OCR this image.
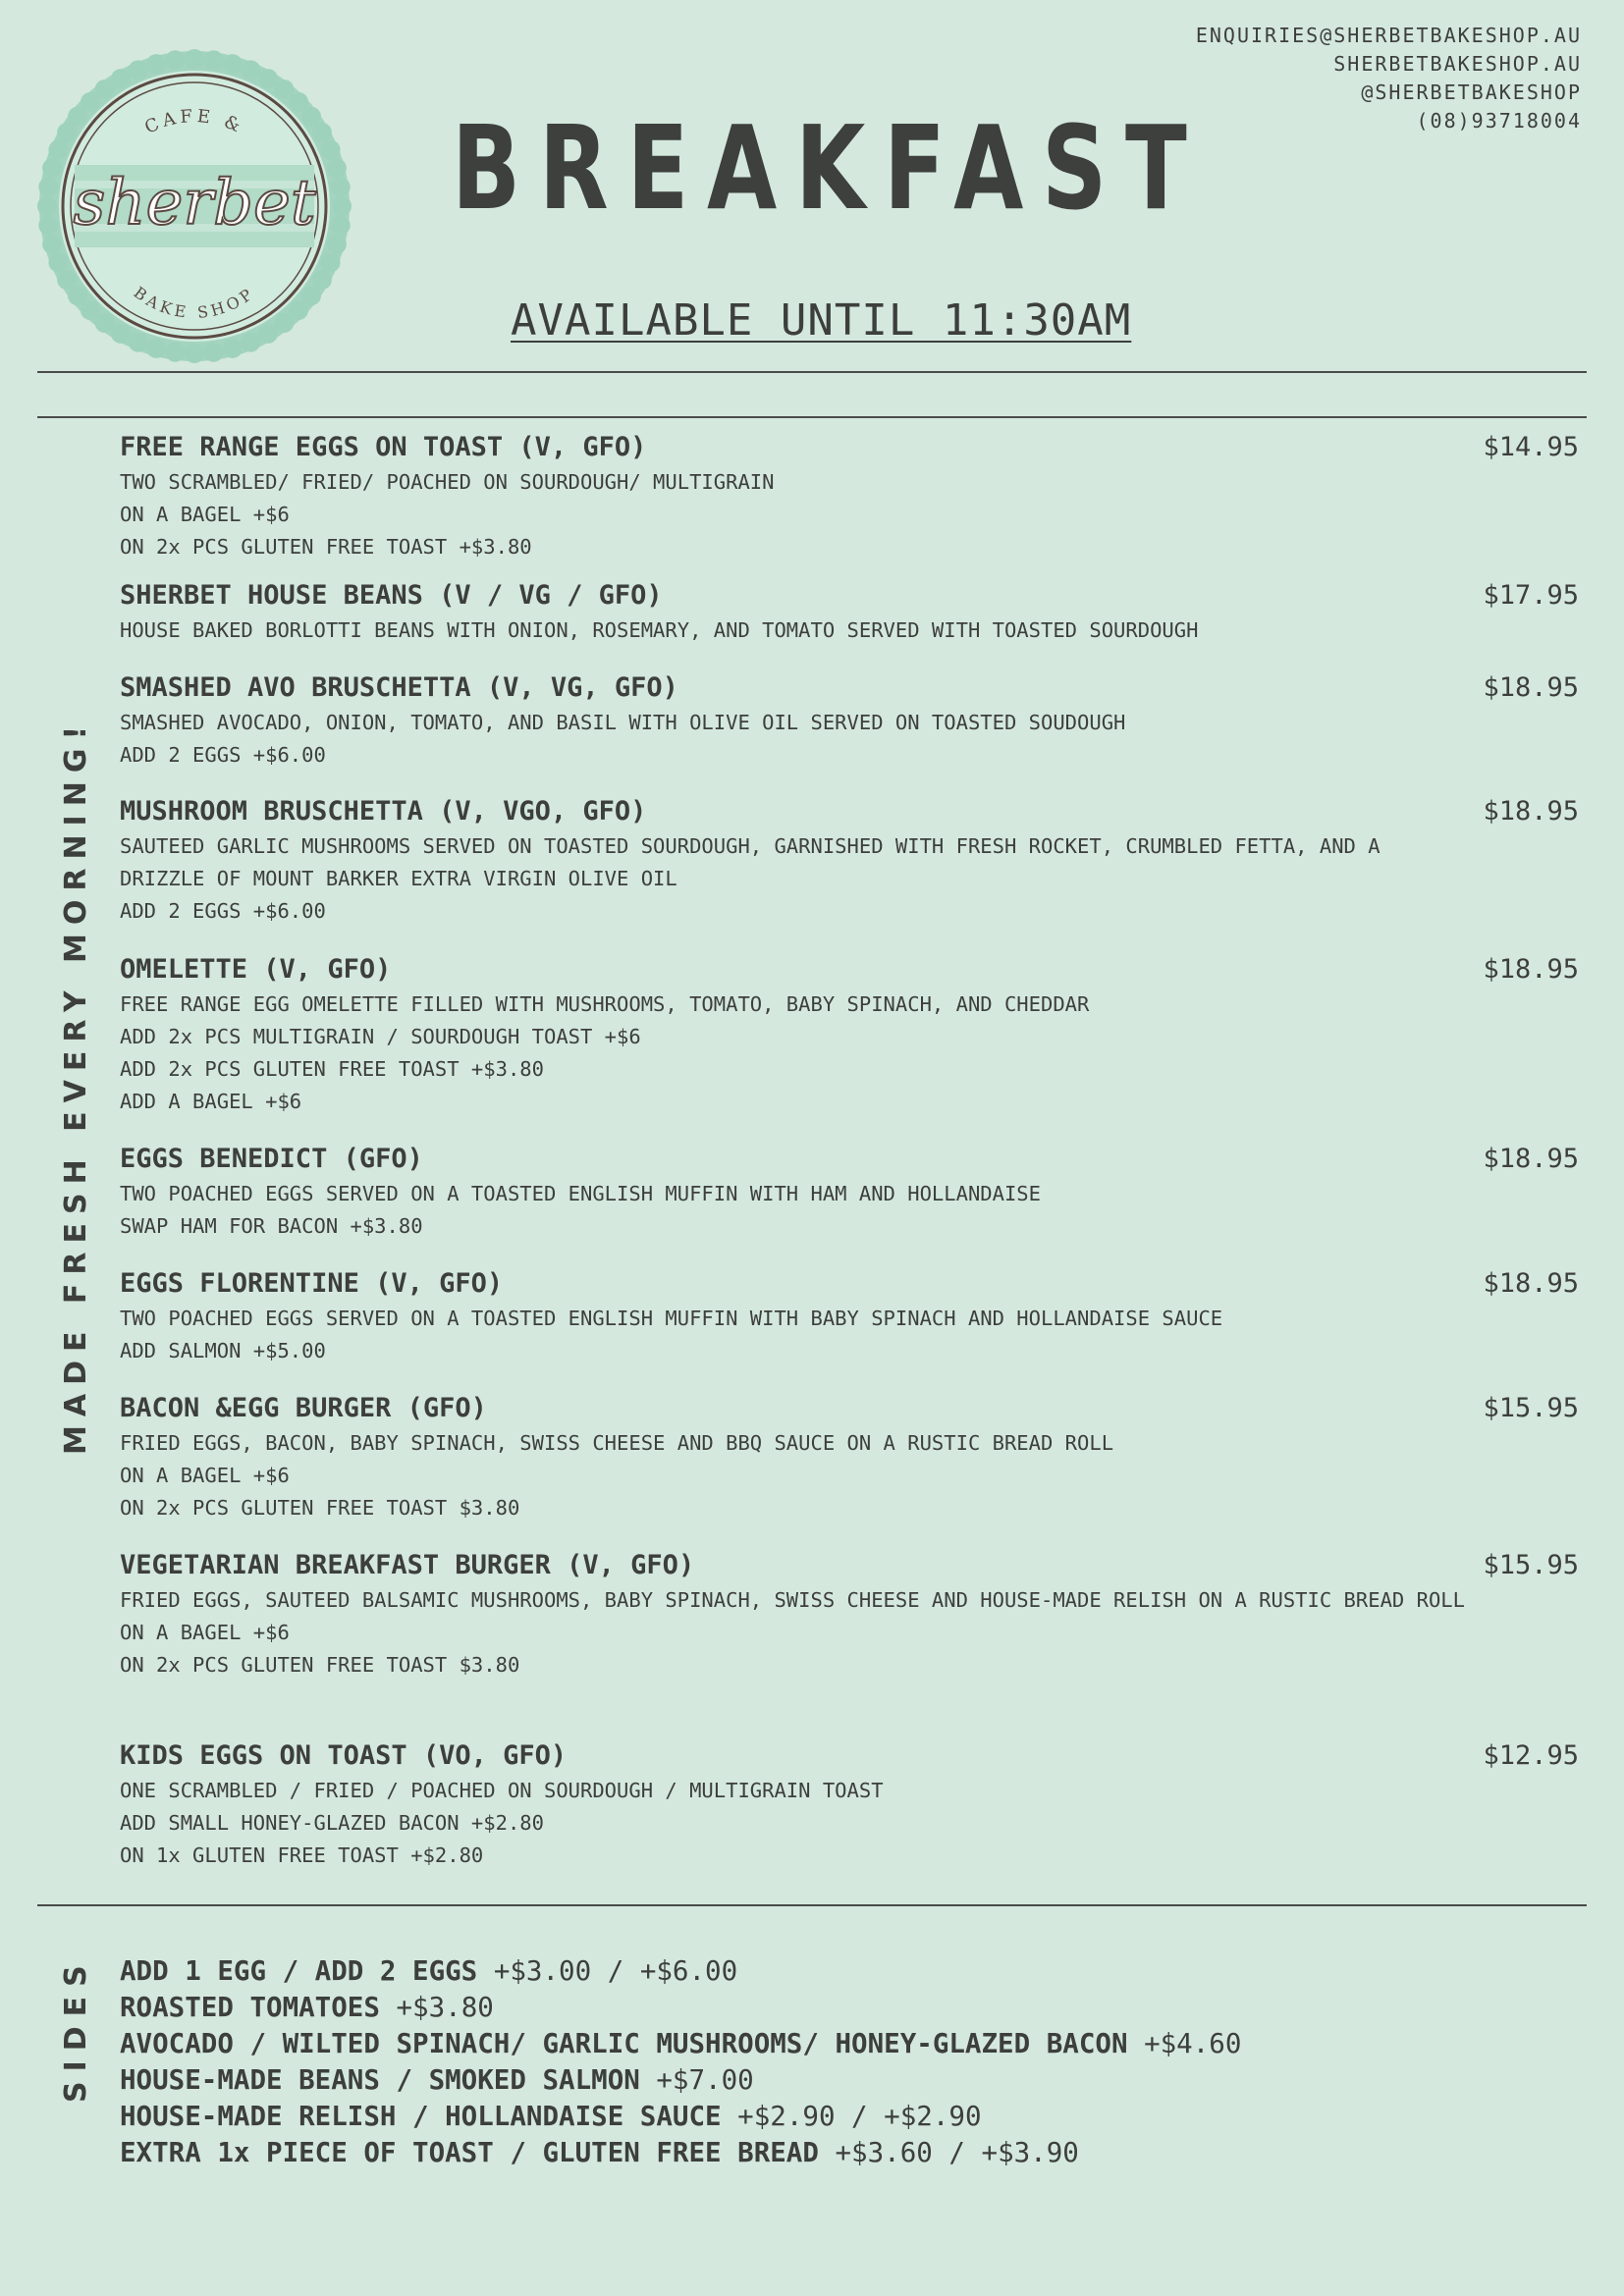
CAFE &
sherbet
BAKE SHOP
ENQUIRIES@SHERBETBAKESHOP.AU
SHERBETBAKESHOP.AU
@SHERBETBAKESHOP
(08)93718004
BREAKFAST
AVAILABLE UNTIL 11:30AM
MADE FRESH EVERY MORNING!
FREE RANGE EGGS ON TOAST (V, GFO)	$14.95
TWO SCRAMBLED/ FRIED/ POACHED ON SOURDOUGH/ MULTIGRAIN
ON A BAGEL +$6
ON 2x PCS GLUTEN FREE TOAST +$3.80
SHERBET HOUSE BEANS (V / VG / GFO)	$17.95
HOUSE BAKED BORLOTTI BEANS WITH ONION, ROSEMARY, AND TOMATO SERVED WITH TOASTED SOURDOUGH
SMASHED AVO BRUSCHETTA (V, VG, GFO)	$18.95
SMASHED AVOCADO, ONION, TOMATO, AND BASIL WITH OLIVE OIL SERVED ON TOASTED SOUDOUGH
ADD 2 EGGS +$6.00
MUSHROOM BRUSCHETTA (V, VGO, GFO)	$18.95
SAUTEED GARLIC MUSHROOMS SERVED ON TOASTED SOURDOUGH, GARNISHED WITH FRESH ROCKET, CRUMBLED FETTA, AND A DRIZZLE OF MOUNT BARKER EXTRA VIRGIN OLIVE OIL
ADD 2 EGGS +$6.00
OMELETTE (V, GFO)	$18.95
FREE RANGE EGG OMELETTE FILLED WITH MUSHROOMS, TOMATO, BABY SPINACH, AND CHEDDAR
ADD 2x PCS MULTIGRAIN / SOURDOUGH TOAST +$6
ADD 2x PCS GLUTEN FREE TOAST +$3.80
ADD A BAGEL +$6
EGGS BENEDICT (GFO)	$18.95
TWO POACHED EGGS SERVED ON A TOASTED ENGLISH MUFFIN WITH HAM AND HOLLANDAISE
SWAP HAM FOR BACON +$3.80
EGGS FLORENTINE (V, GFO)	$18.95
TWO POACHED EGGS SERVED ON A TOASTED ENGLISH MUFFIN WITH BABY SPINACH AND HOLLANDAISE SAUCE
ADD SALMON +$5.00
BACON &EGG BURGER (GFO)	$15.95
FRIED EGGS, BACON, BABY SPINACH, SWISS CHEESE AND BBQ SAUCE ON A RUSTIC BREAD ROLL
ON A BAGEL +$6
ON 2x PCS GLUTEN FREE TOAST $3.80
VEGETARIAN BREAKFAST BURGER (V, GFO)	$15.95
FRIED EGGS, SAUTEED BALSAMIC MUSHROOMS, BABY SPINACH, SWISS CHEESE AND HOUSE-MADE RELISH ON A RUSTIC BREAD ROLL
ON A BAGEL +$6
ON 2x PCS GLUTEN FREE TOAST $3.80
KIDS EGGS ON TOAST (VO, GFO)	$12.95
ONE SCRAMBLED / FRIED / POACHED ON SOURDOUGH / MULTIGRAIN TOAST
ADD SMALL HONEY-GLAZED BACON +$2.80
ON 1x GLUTEN FREE TOAST +$2.80
SIDES ADD 1 EGG / ADD 2 EGGS +$3.00 / +$6.00
ROASTED TOMATOES +$3.80
AVOCADO / WILTED SPINACH/ GARLIC MUSHROOMS/ HONEY-GLAZED BACON +$4.60
HOUSE-MADE BEANS / SMOKED SALMON +$7.00
HOUSE-MADE RELISH / HOLLANDAISE SAUCE +$2.90 / +$2.90
EXTRA 1x PIECE OF TOAST / GLUTEN FREE BREAD +$3.60 / +$3.90
